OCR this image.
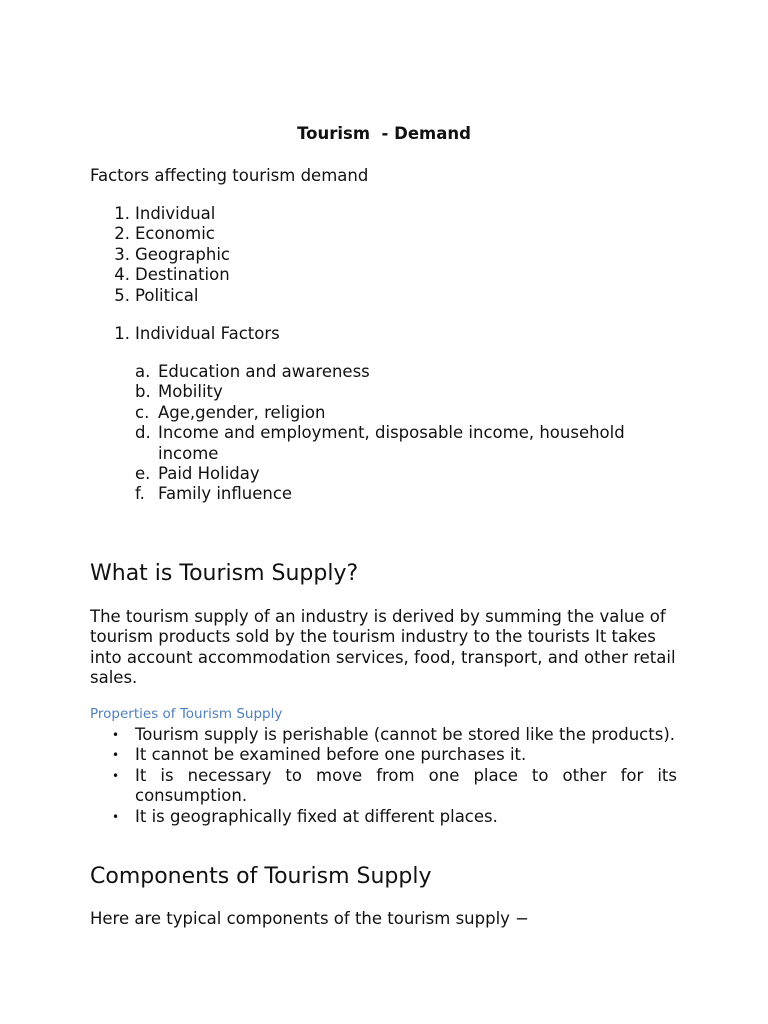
Tourism  - Demand
Factors affecting tourism demand
1. Individual
2. Economic
3. Geographic
4. Destination
5. Political
1. Individual Factors
a. Education and awareness
b. Mobility
c. Age,gender, religion
d. Income and employment, disposable income, household income
e. Paid Holiday
f. Family influence
What is Tourism Supply?
The tourism supply of an industry is derived by summing the value of tourism products sold by the tourism industry to the tourists It takes into account accommodation services, food, transport, and other retail sales.
Properties of Tourism Supply
• Tourism supply is perishable (cannot be stored like the products).
• It cannot be examined before one purchases it.
• It is necessary to move from one place to other for its consumption.
• It is geographically fixed at different places.
Components of Tourism Supply
Here are typical components of the tourism supply −
